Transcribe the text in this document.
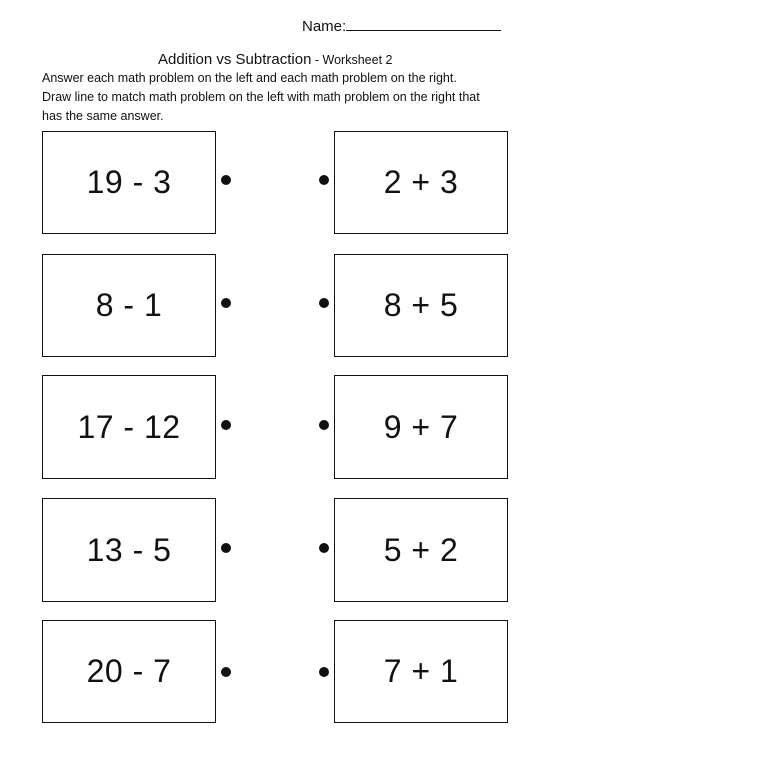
Name:
Addition vs Subtraction - Worksheet 2
Answer each math problem on the left and each math problem on the right.
Draw line to match math problem on the left with math problem on the right that
has the same answer.
19 - 3	2 + 3
8 - 1	8 + 5
17 - 12	9 + 7
13 - 5	5 + 2
20 - 7	7 + 1
